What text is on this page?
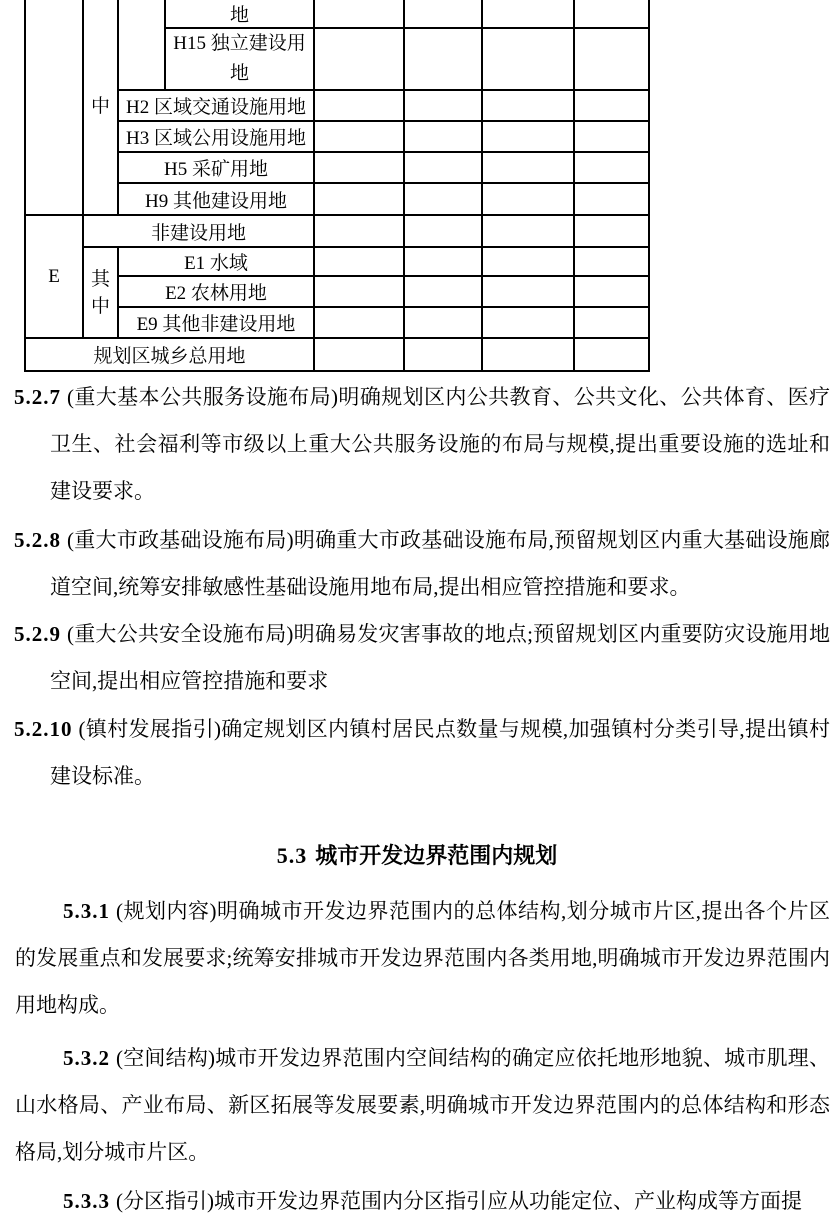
	中		地				
			H15 独立建设用地				
		H2 区域交通设施用地					
		H3 区域公用设施用地					
		H5 采矿用地					
		H9 其他建设用地					
E	非建设用地						
	其中	E1 水域					
		E2 农林用地					
		E9 其他非建设用地					
规划区城乡总用地							

5.2.7 (重大基本公共服务设施布局)明确规划区内公共教育、公共文化、公共体育、医疗卫生、社会福利等市级以上重大公共服务设施的布局与规模,提出重要设施的选址和建设要求。

5.2.8 (重大市政基础设施布局)明确重大市政基础设施布局,预留规划区内重大基础设施廊道空间,统筹安排敏感性基础设施用地布局,提出相应管控措施和要求。

5.2.9 (重大公共安全设施布局)明确易发灾害事故的地点;预留规划区内重要防灾设施用地空间,提出相应管控措施和要求

5.2.10 (镇村发展指引)确定规划区内镇村居民点数量与规模,加强镇村分类引导,提出镇村建设标准。

5.3 城市开发边界范围内规划

5.3.1 (规划内容)明确城市开发边界范围内的总体结构,划分城市片区,提出各个片区的发展重点和发展要求;统筹安排城市开发边界范围内各类用地,明确城市开发边界范围内用地构成。

5.3.2 (空间结构)城市开发边界范围内空间结构的确定应依托地形地貌、城市肌理、山水格局、产业布局、新区拓展等发展要素,明确城市开发边界范围内的总体结构和形态格局,划分城市片区。

5.3.3 (分区指引)城市开发边界范围内分区指引应从功能定位、产业构成等方面提
